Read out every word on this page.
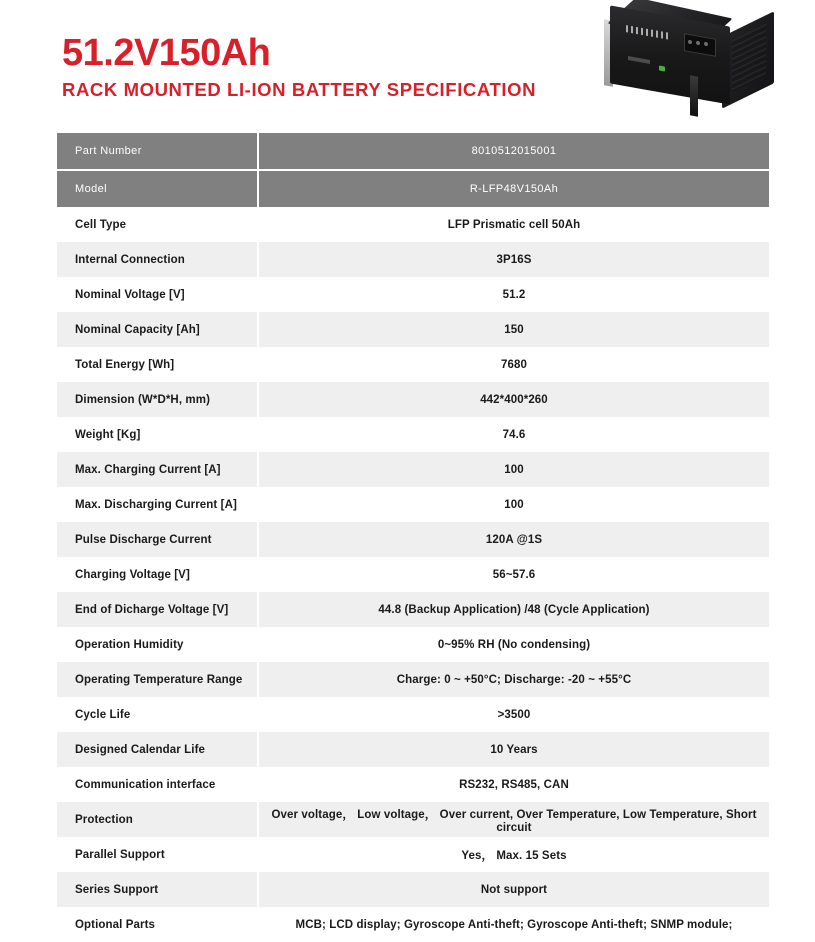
51.2V150Ah
RACK MOUNTED LI-ION BATTERY SPECIFICATION
Part Number	8010512015001
Model	R-LFP48V150Ah
Cell Type	LFP Prismatic cell 50Ah
Internal Connection	3P16S
Nominal Voltage [V]	51.2
Nominal Capacity [Ah]	150
Total Energy [Wh]	7680
Dimension (W*D*H, mm)	442*400*260
Weight [Kg]	74.6
Max. Charging Current [A]	100
Max. Discharging Current [A]	100
Pulse Discharge Current	120A @1S
Charging Voltage [V]	56~57.6
End of Dicharge Voltage [V]	44.8 (Backup Application) /48 (Cycle Application)
Operation Humidity	0~95% RH (No condensing)
Operating Temperature Range	Charge: 0 ~ +50°C; Discharge: -20 ~ +55°C
Cycle Life	>3500
Designed Calendar Life	10 Years
Communication interface	RS232, RS485, CAN
Protection	Over voltage， Low voltage， Over current, Over Temperature, Low Temperature, Short circuit
Parallel Support	Yes， Max. 15 Sets
Series Support	Not support
Optional Parts	MCB; LCD display; Gyroscope Anti-theft; Gyroscope Anti-theft; SNMP module;
